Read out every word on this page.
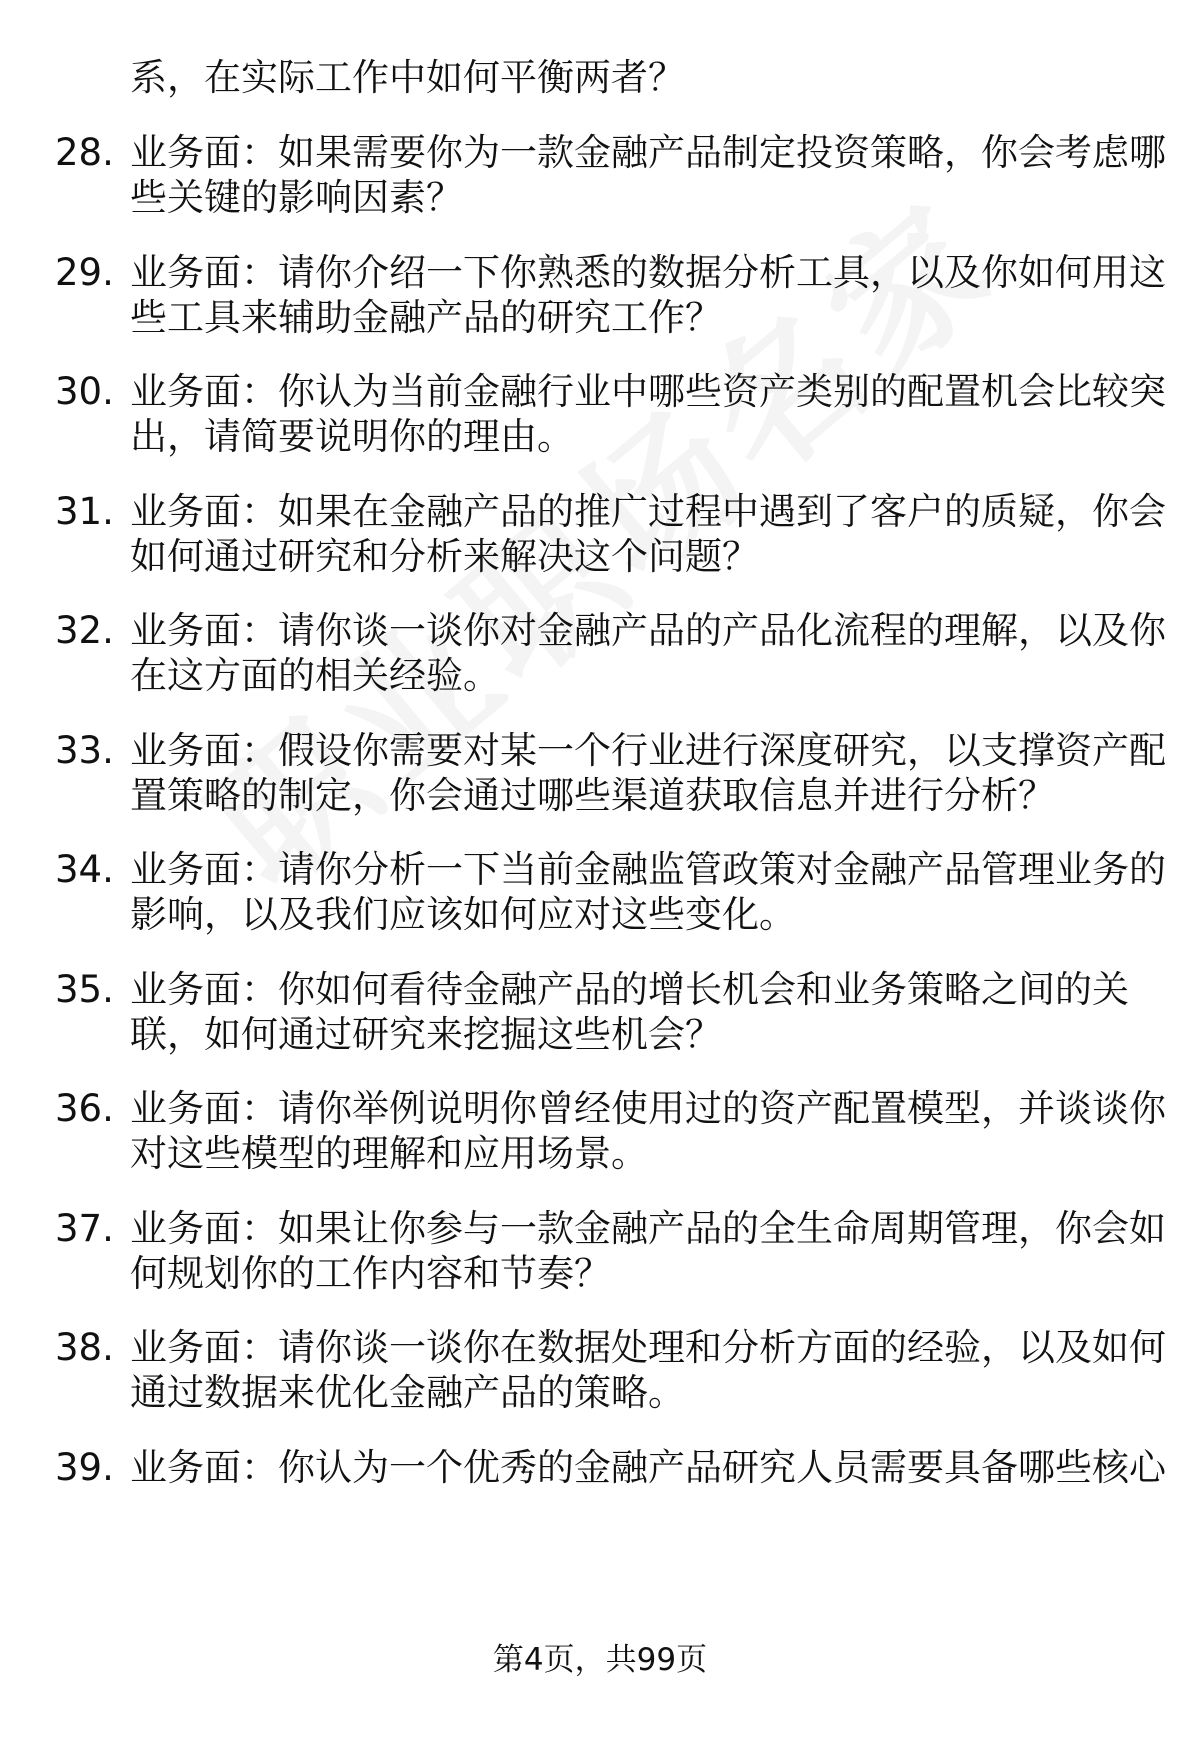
系，在实际工作中如何平衡两者？
28. 业务面：如果需要你为一款金融产品制定投资策略，你会考虑哪
些关键的影响因素？
29. 业务面：请你介绍一下你熟悉的数据分析工具，以及你如何用这
些工具来辅助金融产品的研究工作？
30. 业务面：你认为当前金融行业中哪些资产类别的配置机会比较突
出，请简要说明你的理由。
31. 业务面：如果在金融产品的推广过程中遇到了客户的质疑，你会
如何通过研究和分析来解决这个问题？
32. 业务面：请你谈一谈你对金融产品的产品化流程的理解，以及你
在这方面的相关经验。
33. 业务面：假设你需要对某一个行业进行深度研究，以支撑资产配
置策略的制定，你会通过哪些渠道获取信息并进行分析？
34. 业务面：请你分析一下当前金融监管政策对金融产品管理业务的
影响，以及我们应该如何应对这些变化。
35. 业务面：你如何看待金融产品的增长机会和业务策略之间的关
联，如何通过研究来挖掘这些机会？
36. 业务面：请你举例说明你曾经使用过的资产配置模型，并谈谈你
对这些模型的理解和应用场景。
37. 业务面：如果让你参与一款金融产品的全生命周期管理，你会如
何规划你的工作内容和节奏？
38. 业务面：请你谈一谈你在数据处理和分析方面的经验，以及如何
通过数据来优化金融产品的策略。
39. 业务面：你认为一个优秀的金融产品研究人员需要具备哪些核心
第4页，共99页
